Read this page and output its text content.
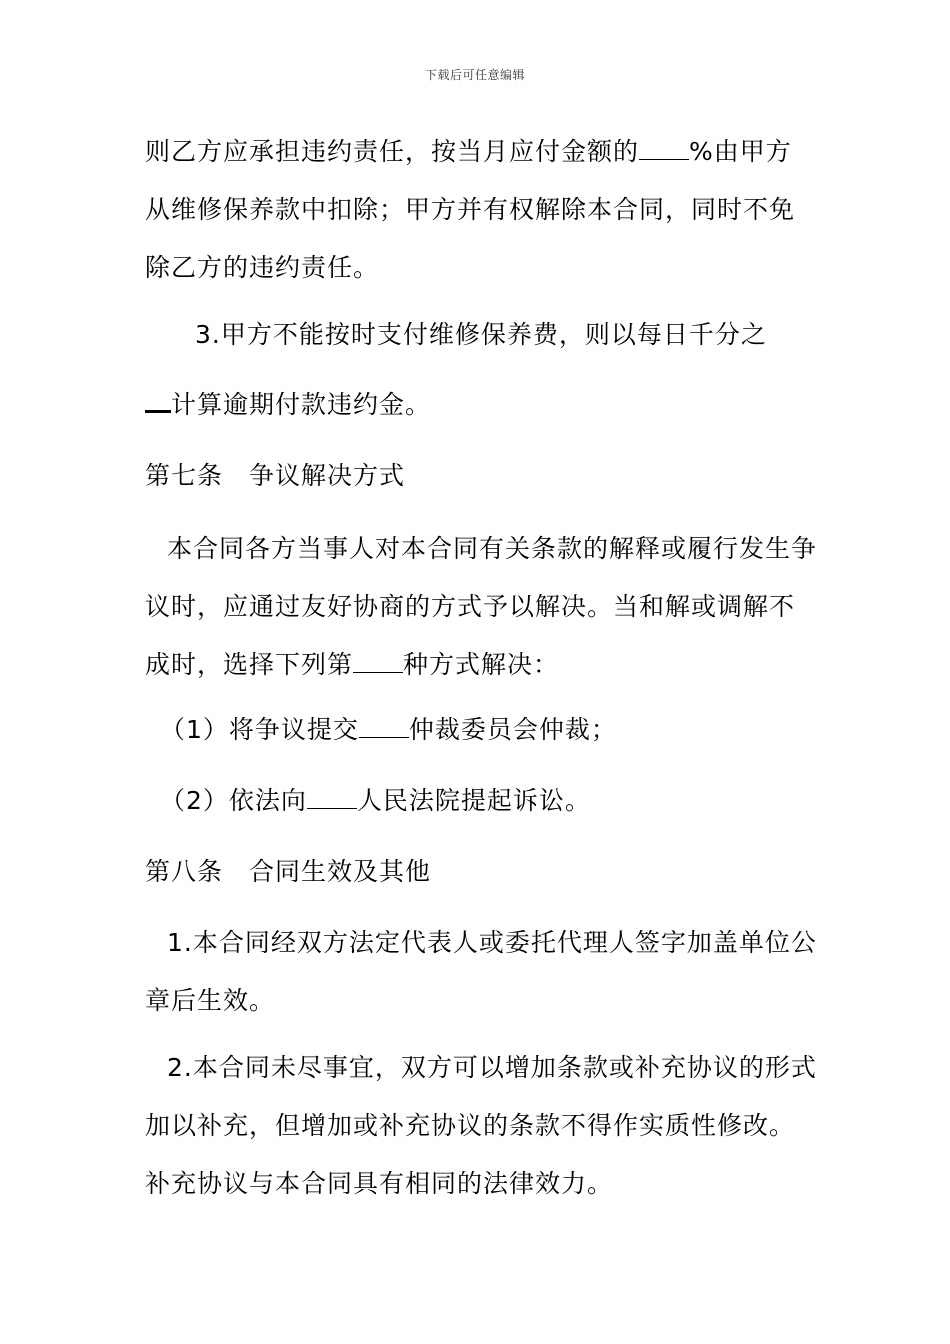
下载后可任意编辑
则乙方应承担违约责任，按当月应付金额的 %由甲方
从维修保养款中扣除；甲方并有权解除本合同，同时不免
除乙方的违约责任。
3.甲方不能按时支付维修保养费，则以每日千分之
计算逾期付款违约金。
第七条　争议解决方式
本合同各方当事人对本合同有关条款的解释或履行发生争
议时，应通过友好协商的方式予以解决。当和解或调解不
成时，选择下列第 种方式解决：
（1）将争议提交 仲裁委员会仲裁；
（2）依法向 人民法院提起诉讼。
第八条　合同生效及其他
1.本合同经双方法定代表人或委托代理人签字加盖单位公
章后生效。
2.本合同未尽事宜，双方可以增加条款或补充协议的形式
加以补充，但增加或补充协议的条款不得作实质性修改。
补充协议与本合同具有相同的法律效力。
